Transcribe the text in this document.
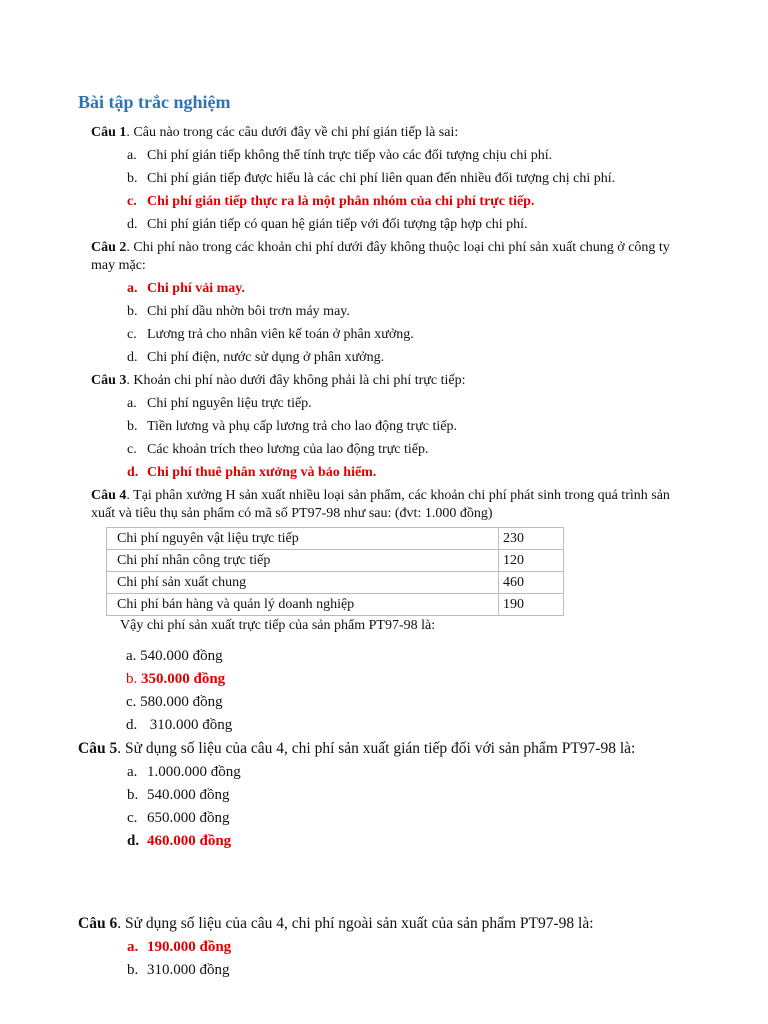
Bài tập trắc nghiệm
Câu 1. Câu nào trong các câu dưới đây về chi phí gián tiếp là sai:
a. Chi phí gián tiếp không thể tính trực tiếp vào các đối tượng chịu chi phí.
b. Chi phí gián tiếp được hiểu là các chi phí liên quan đến nhiều đối tượng chị chi phí.
c. Chi phí gián tiếp thực ra là một phân nhóm của chi phí trực tiếp.
d. Chi phí gián tiếp có quan hệ gián tiếp với đối tượng tập hợp chi phí.
Câu 2. Chi phí nào trong các khoản chi phí dưới đây không thuộc loại chi phí sản xuất chung ở công ty may mặc:
a. Chi phí vải may.
b. Chi phí dầu nhờn bôi trơn máy may.
c. Lương trả cho nhân viên kế toán ở phân xưởng.
d. Chi phí điện, nước sử dụng ở phân xưởng.
Câu 3. Khoản chi phí nào dưới đây không phải là chi phí trực tiếp:
a. Chi phí nguyên liệu trực tiếp.
b. Tiền lương và phụ cấp lương trả cho lao động trực tiếp.
c. Các khoản trích theo lương của lao động trực tiếp.
d. Chi phí thuê phân xưởng và bảo hiểm.
Câu 4. Tại phân xưởng H sản xuất nhiều loại sản phẩm, các khoản chi phí phát sinh trong quá trình sản xuất và tiêu thụ sản phẩm có mã số PT97-98 như sau: (đvt: 1.000 đồng)
Chi phí nguyên vật liệu trực tiếp	230
Chi phí nhân công trực tiếp	120
Chi phí sản xuất chung	460
Chi phí bán hàng và quản lý doanh nghiệp	190
Vậy chi phí sản xuất trực tiếp của sản phẩm PT97-98 là:
a. 540.000 đồng
b. 350.000 đồng
c. 580.000 đồng
d. 310.000 đồng
Câu 5. Sử dụng số liệu của câu 4, chi phí sản xuất gián tiếp đối với sản phẩm PT97-98 là:
a. 1.000.000 đồng
b. 540.000 đồng
c. 650.000 đồng
d. 460.000 đồng
Câu 6. Sử dụng số liệu của câu 4, chi phí ngoài sản xuất của sản phẩm PT97-98 là:
a. 190.000 đồng
b. 310.000 đồng
